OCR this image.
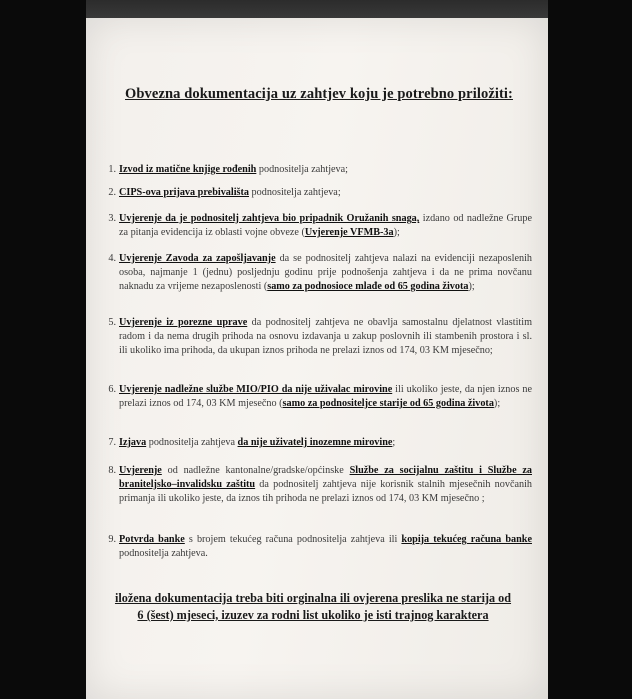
Obvezna dokumentacija uz zahtjev koju je potrebno priložiti:
1. Izvod iz matične knjige rođenih podnositelja zahtjeva;
2. CIPS-ova prijava prebivališta podnositelja zahtjeva;
3. Uvjerenje da je podnositelj zahtjeva bio pripadnik Oružanih snaga, izdano od nadležne Grupe za pitanja evidencija iz oblasti vojne obveze (Uvjerenje VFMB-3a);
4. Uvjerenje Zavoda za zapošljavanje da se podnositelj zahtjeva nalazi na evidenciji nezaposlenih osoba, najmanje 1 (jednu) posljednju godinu prije podnošenja zahtjeva i da ne prima novčanu naknadu za vrijeme nezaposlenosti (samo za podnosioce mlađe od 65 godina života);
5. Uvjerenje iz porezne uprave da podnositelj zahtjeva ne obavlja samostalnu djelatnost vlastitim radom i da nema drugih prihoda na osnovu izdavanja u zakup poslovnih ili stambenih prostora i sl. ili ukoliko ima prihoda, da ukupan iznos prihoda ne prelazi iznos od 174, 03 KM mjesečno;
6. Uvjerenje nadležne službe MIO/PIO da nije uživalac mirovine ili ukoliko jeste, da njen iznos ne prelazi iznos od 174, 03 KM mjesečno (samo za podnositeljce starije od 65 godina života);
7. Izjava podnositelja zahtjeva da nije uživatelj inozemne mirovine;
8. Uvjerenje od nadležne kantonalne/gradske/općinske Službe za socijalnu zaštitu i Službe za braniteljsko–invalidsku zaštitu da podnositelj zahtjeva nije korisnik stalnih mjesečnih novčanih primanja ili ukoliko jeste, da iznos tih prihoda ne prelazi iznos od 174, 03 KM mjesečno ;
9. Potvrda banke s brojem tekućeg računa podnositelja zahtjeva ili kopija tekućeg računa banke podnositelja zahtjeva.
iložena dokumentacija treba biti orginalna ili ovjerena preslika ne starija od
6 (šest) mjeseci, izuzev za rodni list ukoliko je isti trajnog karaktera
